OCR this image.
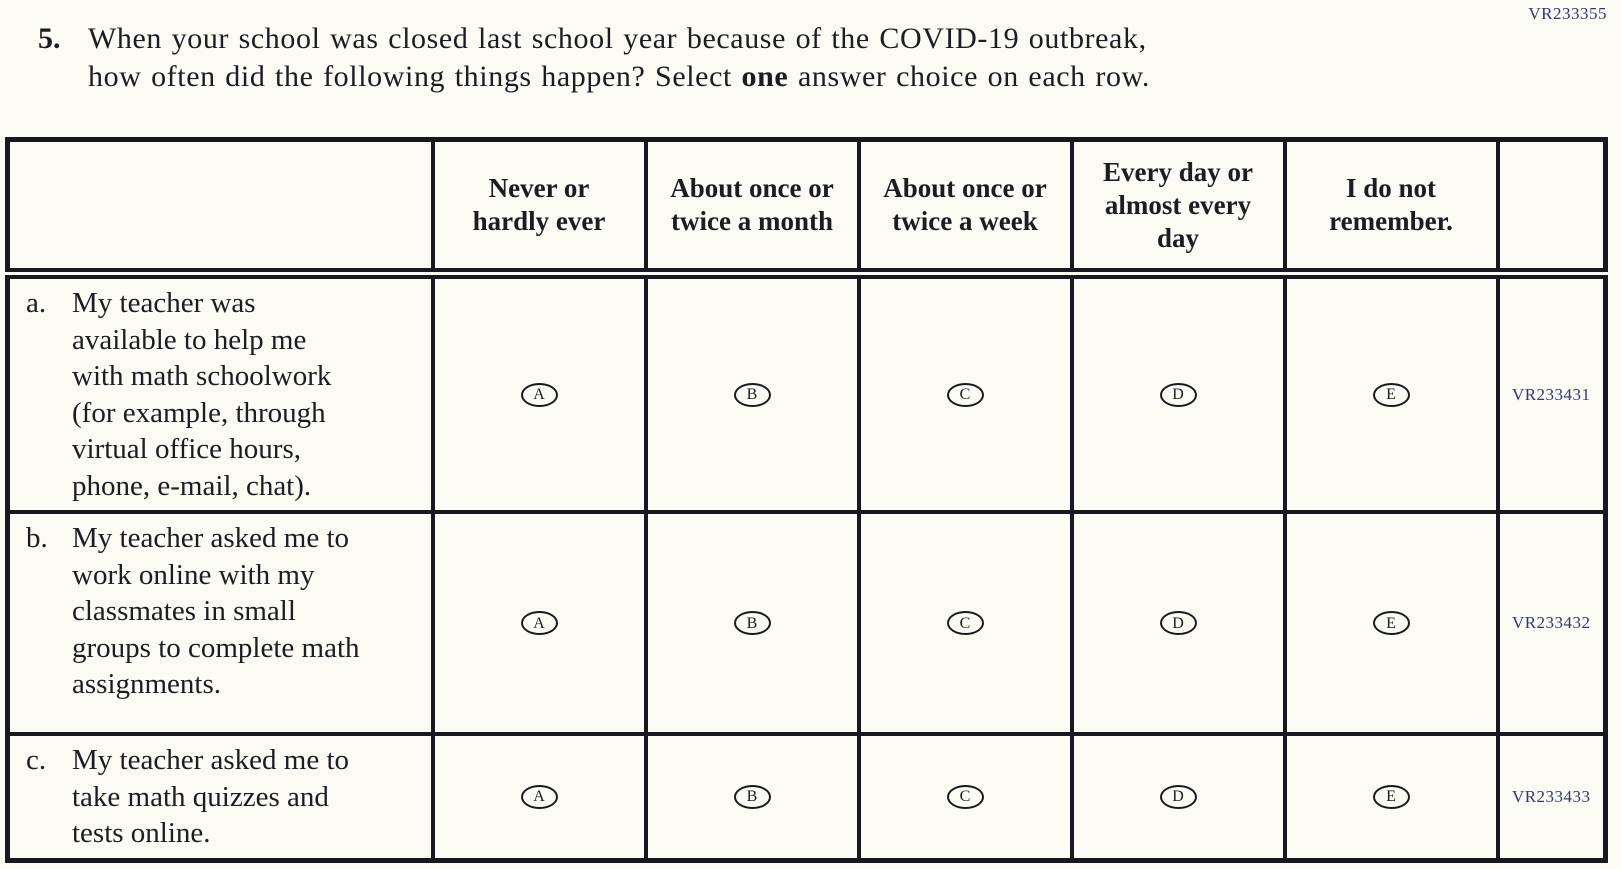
VR233355
5. When your school was closed last school year because of the COVID-19 outbreak,
how often did the following things happen? Select one answer choice on each row.
	Never or hardly ever	About once or twice a month	About once or twice a week	Every day or almost every day	I do not remember.	

a. My teacher was available to help me with math schoolwork (for example, through virtual office hours, phone, e-mail, chat).	A	B	C	D	E	VR233431

b. My teacher asked me to work online with my classmates in small groups to complete math assignments.	A	B	C	D	E	VR233432

c. My teacher asked me to take math quizzes and tests online.	A	B	C	D	E	VR233433
